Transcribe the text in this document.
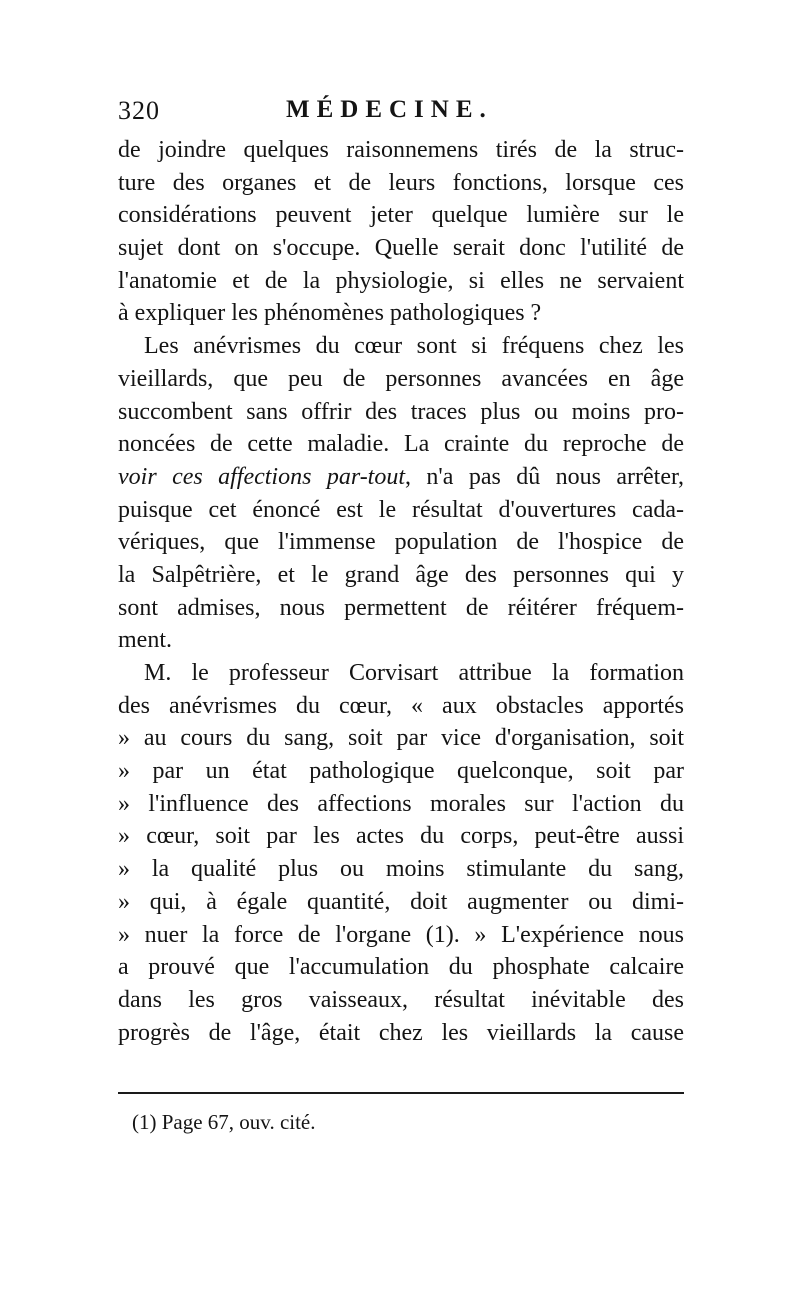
320	MÉDECINE.
de joindre quelques raisonnemens tirés de la struc-
ture des organes et de leurs fonctions, lorsque ces
considérations peuvent jeter quelque lumière sur le
sujet dont on s'occupe. Quelle serait donc l'utilité de
l'anatomie et de la physiologie, si elles ne servaient
à expliquer les phénomènes pathologiques ?
Les anévrismes du cœur sont si fréquens chez les
vieillards, que peu de personnes avancées en âge
succombent sans offrir des traces plus ou moins pro-
noncées de cette maladie. La crainte du reproche de
voir ces affections par-tout, n'a pas dû nous arrêter,
puisque cet énoncé est le résultat d'ouvertures cada-
vériques, que l'immense population de l'hospice de
la Salpêtrière, et le grand âge des personnes qui y
sont admises, nous permettent de réitérer fréquem-
ment.
M. le professeur Corvisart attribue la formation
des anévrismes du cœur, « aux obstacles apportés
» au cours du sang, soit par vice d'organisation, soit
» par un état pathologique quelconque, soit par
» l'influence des affections morales sur l'action du
» cœur, soit par les actes du corps, peut-être aussi
» la qualité plus ou moins stimulante du sang,
» qui, à égale quantité, doit augmenter ou dimi-
» nuer la force de l'organe (1). » L'expérience nous
a prouvé que l'accumulation du phosphate calcaire
dans les gros vaisseaux, résultat inévitable des
progrès de l'âge, était chez les vieillards la cause
(1) Page 67, ouv. cité.
